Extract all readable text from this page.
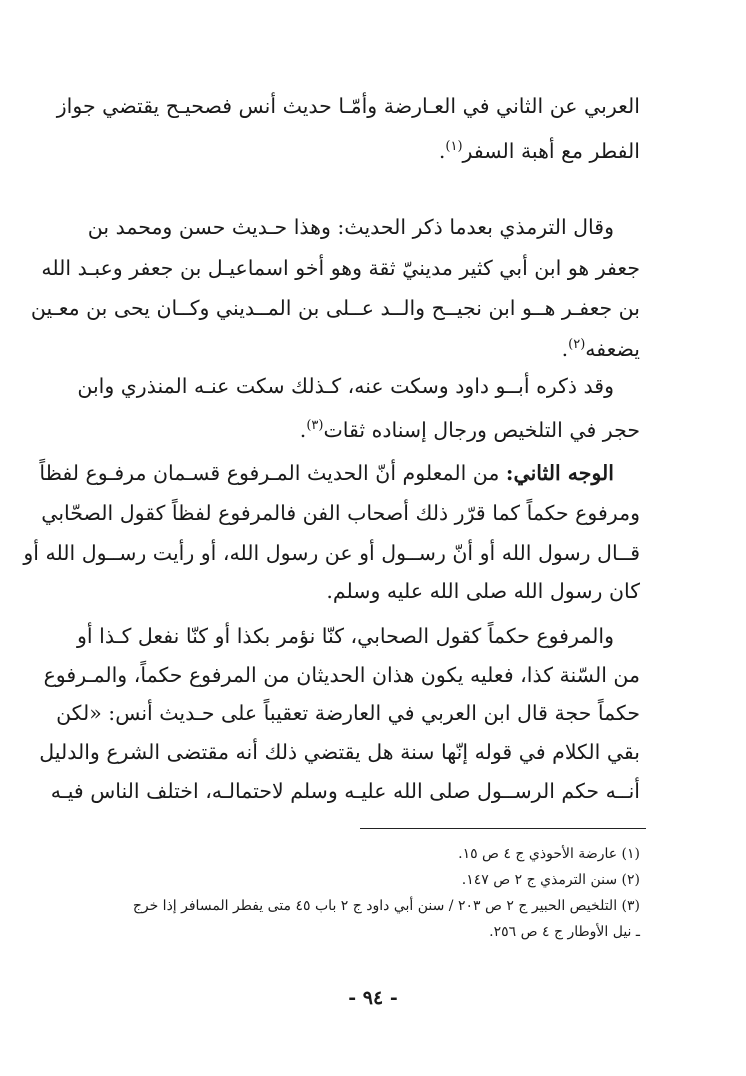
العربي عن الثاني في العـارضة وأمّـا حديث أنس فصحيـح يقتضي جواز
الفطر مع أهبة السفر$^{(١)}$.
وقال الترمذي بعدما ذكر الحديث: وهذا حـديث حسن ومحمد بن
جعفر هو ابن أبي كثير مدينيّ ثقة وهو أخو اسماعيـل بن جعفر وعبـد الله
بن جعفـر هــو ابن نجيــح والــد عــلى بن المــديني وكــان يحى بن معـين
يضعفه$^{(٢)}$.
وقد ذكره أبــو داود وسكت عنه، كـذلك سكت عنـه المنذري وابن
حجر في التلخيص ورجال إسناده ثقات$^{(٣)}$.
الوجه الثاني: من المعلوم أنّ الحديث المـرفوع قسـمان مرفـوع لفظاً
ومرفوع حكماً كما قرّر ذلك أصحاب الفن فالمرفوع لفظاً كقول الصحّابي
قــال رسول الله أو أنّ رســول أو عن رسول الله، أو رأيت رســول الله أو
كان رسول الله صلى الله عليه وسلم.
والمرفوع حكماً كقول الصحابي، كنّا نؤمر بكذا أو كنّا نفعل كـذا أو
من السّنة كذا، فعليه يكون هذان الحديثان من المرفوع حكماً، والمـرفوع
حكماً حجة قال ابن العربي في العارضة تعقيباً على حـديث أنس: «لكن
بقي الكلام في قوله إنّها سنة هل يقتضي ذلك أنه مقتضى الشرع والدليل
أنــه حكم الرســول صلى الله عليـه وسلم لاحتمالـه، اختلف الناس فيـه
(١) عارضة الأحوذي ج ٤ ص ١٥.
(٢) سنن الترمذي ج ٢ ص ١٤٧.
(٣) التلخيص الحبير ج ٢ ص ٢٠٣ / سنن أبي داود ج ٢ باب ٤٥ متى يفطر المسافر إذا خرج
ـ نيل الأوطار ج ٤ ص ٢٥٦.
- ٩٤ -
